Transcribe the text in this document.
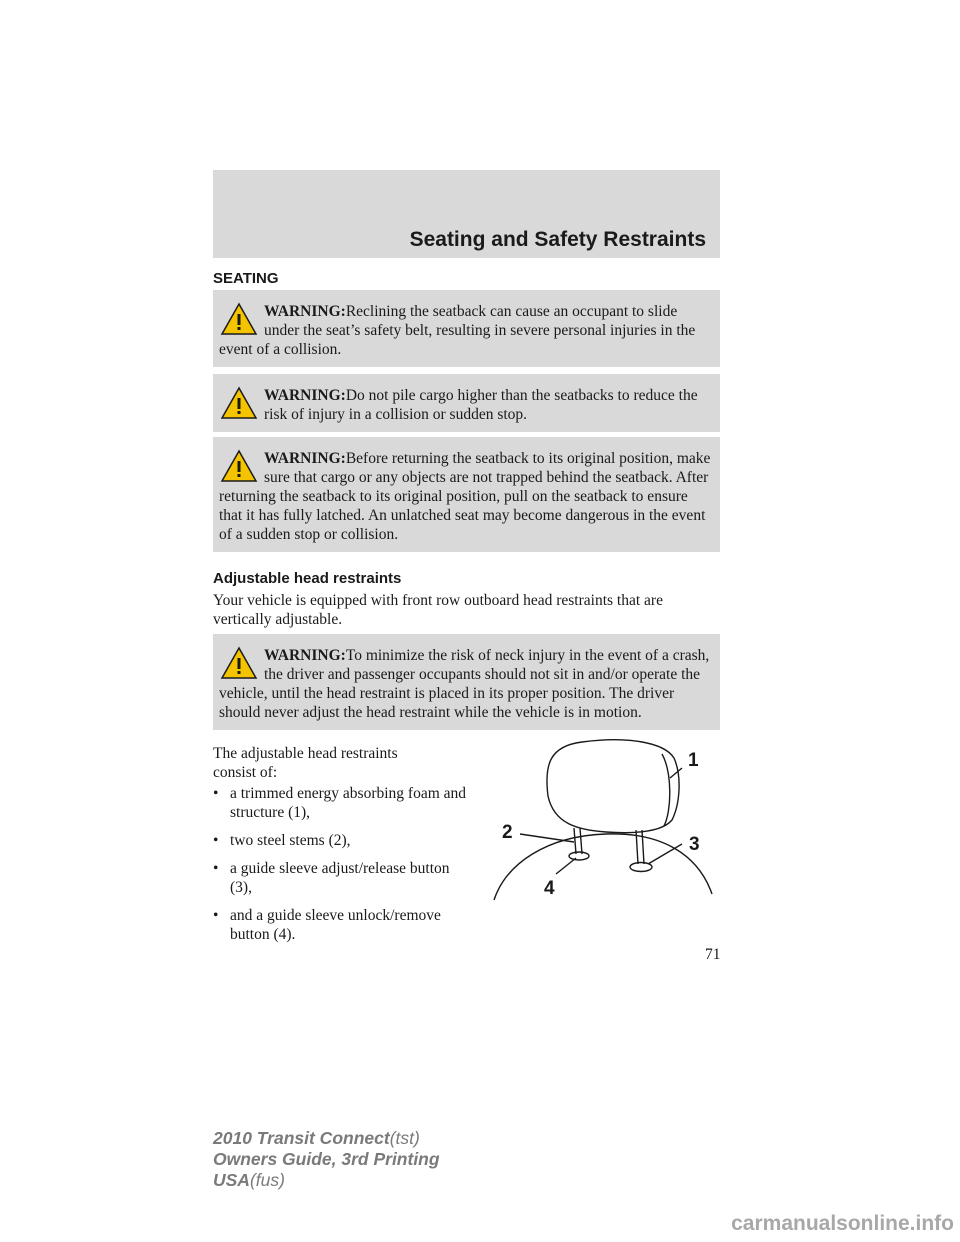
Seating and Safety Restraints
SEATING
WARNING:Reclining the seatback can cause an occupant to slide under the seat’s safety belt, resulting in severe personal injuries in the event of a collision.
WARNING:Do not pile cargo higher than the seatbacks to reduce the risk of injury in a collision or sudden stop.
WARNING:Before returning the seatback to its original position, make sure that cargo or any objects are not trapped behind the seatback. After returning the seatback to its original position, pull on the seatback to ensure that it has fully latched. An unlatched seat may become dangerous in the event of a sudden stop or collision.
Adjustable head restraints
Your vehicle is equipped with front row outboard head restraints that are vertically adjustable.
WARNING:To minimize the risk of neck injury in the event of a crash, the driver and passenger occupants should not sit in and/or operate the vehicle, until the head restraint is placed in its proper position. The driver should never adjust the head restraint while the vehicle is in motion.
The adjustable head restraints consist of:
• a trimmed energy absorbing foam and structure (1),
• two steel stems (2),
• a guide sleeve adjust/release button (3),
• and a guide sleeve unlock/remove button (4).
1
2
3
4
71
2010 Transit Connect(tst)
Owners Guide, 3rd Printing
USA(fus)
carmanualsonline.info
